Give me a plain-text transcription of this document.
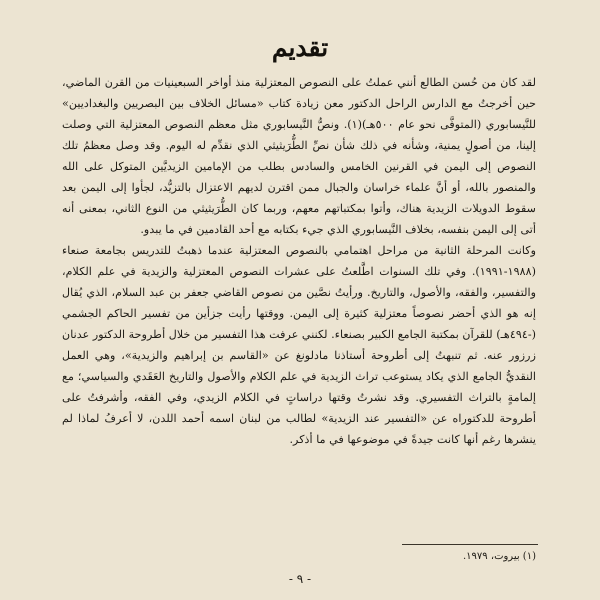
تقديم

لقد كان من حُسن الطالع أنني عملتُ على النصوص المعتزلية منذ أواخر السبعينيات من القرن الماضي، حين أخرجتُ مع الدارس الراحل الدكتور معن زيادة كتاب «مسائل الخلاف بين البصريين والبغداديين» للنَّيسابوري (المتوفَّى نحو عام ٥٠٠هـ)(١). ونصُّ النَّيسابوري مثل معظم النصوص المعتزلية التي وصلت إلينا، من أصولٍ يمنية، وشأنه في ذلك شأن نصِّ الطُّرَيثيثي الذي نقدِّم له اليوم. وقد وصل معظمُ تلك النصوص إلى اليمن في القرنين الخامس والسادس بطلب من الإمامين الزيديَّين المتوكل على الله والمنصور بالله، أو أنَّ علماء خراسان والجبال ممن اقترن لديهم الاعتزال بالتزيُّد، لجأوا إلى اليمن بعد سقوط الدويلات الزيدية هناك، وأتوا بمكتباتهم معهم، وربما كان الطُّرَيثيثي من النوع الثاني، بمعنى أنه أتى إلى اليمن بنفسه، بخلاف النَّيسابوري الذي جيء بكتابه مع أحد القادمين في ما يبدو.

وكانت المرحلة الثانية من مراحل اهتمامي بالنصوص المعتزلية عندما ذهبتُ للتدريس بجامعة صنعاء (١٩٨٨-١٩٩١). وفي تلك السنوات اطَّلعتُ على عشرات النصوص المعتزلية والزيدية في علم الكلام، والتفسير، والفقه، والأصول، والتاريخ. ورأيتُ نصَّين من نصوص القاضي جعفر بن عبد السلام، الذي يُقال إنه هو الذي أحضر نصوصاً معتزلية كثيرة إلى اليمن. ووقتها رأيت جزأين من تفسير الحاكم الجشمي (-٤٩٤هـ) للقرآن بمكتبة الجامع الكبير بصنعاء. لكنني عرفت هذا التفسير من خلال أطروحة الدكتور عدنان زرزور عنه. ثم تنبهتُ إلى أطروحة أستاذنا مادلونغ عن «القاسم بن إبراهيم والزيدية»، وهي العمل النقديُّ الجامع الذي يكاد يستوعب تراث الزيدية في علم الكلام والأصول والتاريخ العَقَدي والسياسي؛ مع إلمامةٍ بالتراث التفسيري. وقد نشرتُ وقتها دراساتٍ في الكلام الزيدي، وفي الفقه، وأشرفتُ على أطروحة للدكتوراه عن «التفسير عند الزيدية» لطالب من لبنان اسمه أحمد اللدن، لا أعرفُ لماذا لم ينشرها رغم أنها كانت جيدةً في موضوعها في ما أذكر.

(١) بيروت، ١٩٧٩.
- ٩ -
